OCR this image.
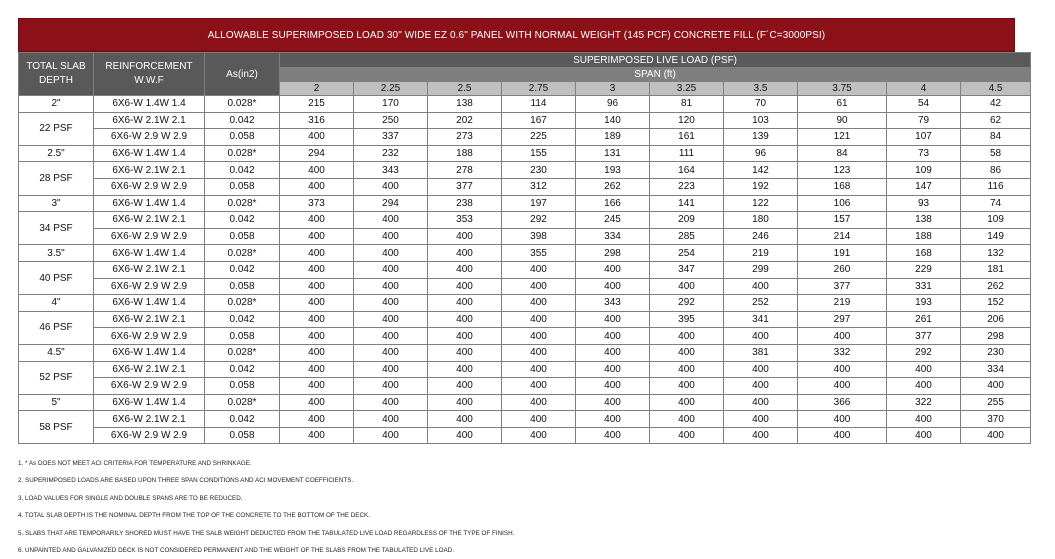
ALLOWABLE SUPERIMPOSED LOAD 30" WIDE EZ 0.6" PANEL WITH NORMAL WEIGHT (145 PCF) CONCRETE FILL (F´C=3000PSI)
TOTAL SLAB DEPTH	REINFORCEMENT W.W.F	As(in2)	SUPERIMPOSED LIVE LOAD (PSF)									
			SPAN (ft)									
			2	2.25	2.5	2.75	3	3.25	3.5	3.75	4	4.5
2"	6X6-W 1.4W 1.4	0.028*	215	170	138	114	96	81	70	61	54	42
22 PSF	6X6-W 2.1W 2.1	0.042	316	250	202	167	140	120	103	90	79	62
	6X6-W 2.9 W 2.9	0.058	400	337	273	225	189	161	139	121	107	84
2.5"	6X6-W 1.4W 1.4	0.028*	294	232	188	155	131	111	96	84	73	58
28 PSF	6X6-W 2.1W 2.1	0.042	400	343	278	230	193	164	142	123	109	86
	6X6-W 2.9 W 2.9	0.058	400	400	377	312	262	223	192	168	147	116
3"	6X6-W 1.4W 1.4	0.028*	373	294	238	197	166	141	122	106	93	74
34 PSF	6X6-W 2.1W 2.1	0.042	400	400	353	292	245	209	180	157	138	109
	6X6-W 2.9 W 2.9	0.058	400	400	400	398	334	285	246	214	188	149
3.5"	6X6-W 1.4W 1.4	0.028*	400	400	400	355	298	254	219	191	168	132
40 PSF	6X6-W 2.1W 2.1	0.042	400	400	400	400	400	347	299	260	229	181
	6X6-W 2.9 W 2.9	0.058	400	400	400	400	400	400	400	377	331	262
4"	6X6-W 1.4W 1.4	0.028*	400	400	400	400	343	292	252	219	193	152
46 PSF	6X6-W 2.1W 2.1	0.042	400	400	400	400	400	395	341	297	261	206
	6X6-W 2.9 W 2.9	0.058	400	400	400	400	400	400	400	400	377	298
4.5"	6X6-W 1.4W 1.4	0.028*	400	400	400	400	400	400	381	332	292	230
52 PSF	6X6-W 2.1W 2.1	0.042	400	400	400	400	400	400	400	400	400	334
	6X6-W 2.9 W 2.9	0.058	400	400	400	400	400	400	400	400	400	400
5"	6X6-W 1.4W 1.4	0.028*	400	400	400	400	400	400	400	366	322	255
58 PSF	6X6-W 2.1W 2.1	0.042	400	400	400	400	400	400	400	400	400	370
	6X6-W 2.9 W 2.9	0.058	400	400	400	400	400	400	400	400	400	400
1. * As DOES NOT MEET ACI CRITERIA FOR TEMPERATURE AND SHRINKAGE.
2. SUPERIMPOSED LOADS ARE BASED UPON THREE SPAN CONDITIONS AND ACI MOVEMENT COEFFICIENTS.
3. LOAD VALUES FOR SINGLE AND DOUBLE SPANS ARE TO BE REDUCED.
4. TOTAL SLAB DEPTH IS THE NOMINAL DEPTH FROM THE TOP OF THE CONCRETE TO THE BOTTOM OF THE DECK.
5. SLABS THAT ARE TEMPORARILY SHORED MUST HAVE THE SALB WEIGHT DEDUCTED FROM THE TABULATED LIVE LOAD REGARDLESS OF THE TYPE OF FINISH.
6. UNPAINTED AND GALVANIZED DECK IS NOT CONSIDERED PERMANENT AND THE WEIGHT OF THE SLABS FROM THE TABULATED LIVE LOAD.
